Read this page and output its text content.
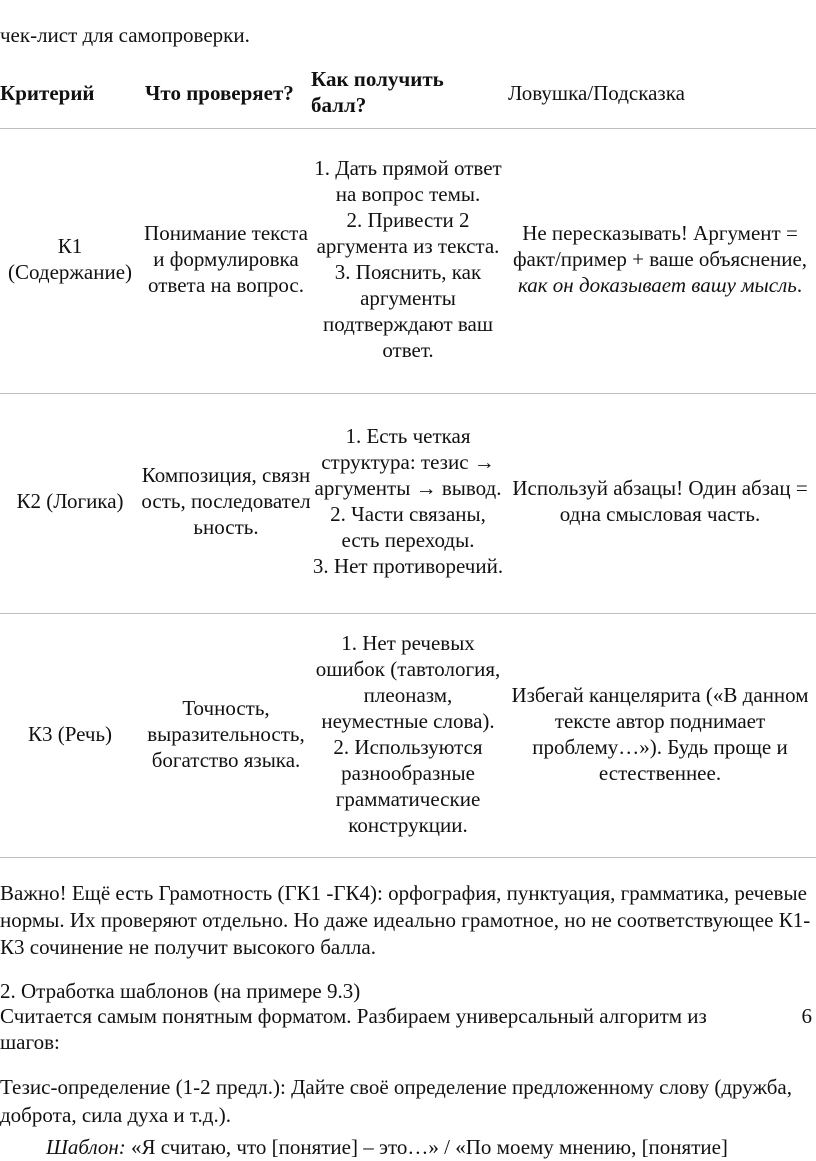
чек-лист для самопроверки.
Критерий Что проверяет?
Как получить балл?	Ловушка/Подсказка
К1
(Содержание)
Понимание текста и формулировка ответа на вопрос.
1. Дать прямой ответ на вопрос темы.
2. Привести 2 аргумента из текста.
3. Пояснить, как аргументы подтверждают ваш ответ.
Не пересказывать! Аргумент = факт/пример + ваше объяснение, как он доказывает вашу мысль.
К2 (Логика)
Композиция, связность, последовательность.
1. Есть четкая структура: тезис → аргументы → вывод.
2. Части связаны, есть переходы.
3. Нет противоречий.
Используй абзацы! Один абзац = одна смысловая часть.
К3 (Речь)
Точность, выразительность, богатство языка.
1. Нет речевых ошибок (тавтология, плеоназм, неуместные слова).
2. Используются разнообразные грамматические конструкции.
Избегай канцелярита («В данном тексте автор поднимает проблему…»). Будь проще и естественнее.
Важно! Ещё есть Грамотность (ГК1 -ГК4): орфография, пунктуация, грамматика, речевые нормы. Их проверяют отдельно. Но даже идеально грамотное, но не соответствующее К1-К3 сочинение не получит высокого балла.
2. Отработка шаблонов (на примере 9.3)
Считается самым понятным форматом. Разбираем универсальный алгоритм из	6
шагов:
Тезис-определение (1-2 предл.): Дайте своё определение предложенному слову (дружба, доброта, сила духа и т.д.).
Шаблон: «Я считаю, что [понятие] – это…» / «По моему мнению, [понятие]
